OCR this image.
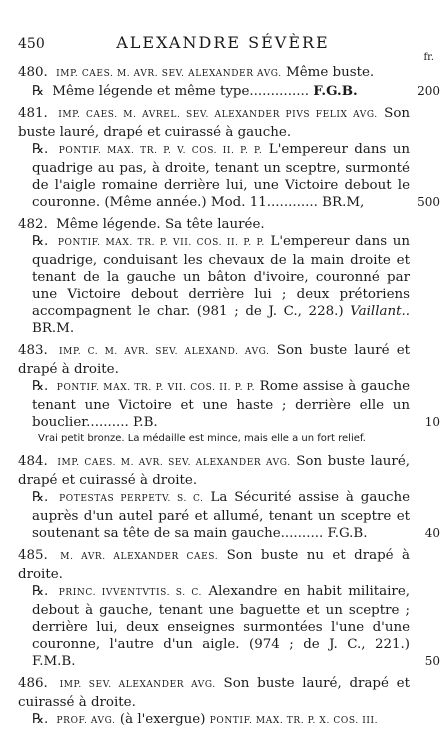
450	ALEXANDRE SÉVÈRE
fr.
480. IMP. CAES. M. AVR. SEV. ALEXANDER AVG. Même buste.
℞ Même légende et même type.............. F.G.B.	200
481. IMP. CAES. M. AVREL. SEV. ALEXANDER PIVS FELIX AVG. Son buste lauré, drapé et cuirassé à gauche.
℞. PONTIF. MAX. TR. P. V. COS. II. P. P. L'empereur dans un quadrige au pas, à droite, tenant un sceptre, surmonté de l'aigle romaine derrière lui, une Victoire debout le couronne. (Même année.) Mod. 11............ BR.M,	500
482. Même légende. Sa tête laurée.
℞. PONTIF. MAX. TR. P. VII. COS. II. P. P. L'empereur dans un quadrige, conduisant les chevaux de la main droite et tenant de la gauche un bâton d'ivoire, couronné par une Victoire debout derrière lui ; deux prétoriens accompagnent le char. (981 ; de J. C., 228.) Vaillant.. BR.M.
483. IMP. C. M. AVR. SEV. ALEXAND. AVG. Son buste lauré et drapé à droite.
℞. PONTIF. MAX. TR. P. VII. COS. II. P. P. Rome assise à gauche tenant une Victoire et une haste ; derrière elle un bouclier.......... P.B.	10
Vrai petit bronze. La médaille est mince, mais elle a un fort relief.
484. IMP. CAES. M. AVR. SEV. ALEXANDER AVG. Son buste lauré, drapé et cuirassé à droite.
℞. POTESTAS PERPETV. S. C. La Sécurité assise à gauche auprès d'un autel paré et allumé, tenant un sceptre et soutenant sa tête de sa main gauche.......... F.G.B.	40
485. M. AVR. ALEXANDER CAES. Son buste nu et drapé à droite.
℞. PRINC. IVVENTVTIS. S. C. Alexandre en habit militaire, debout à gauche, tenant une baguette et un sceptre ; derrière lui, deux enseignes surmontées l'une d'une couronne, l'autre d'un aigle. (974 ; de J. C., 221.) F.M.B.	50
486. IMP. SEV. ALEXANDER AVG. Son buste lauré, drapé et cuirassé à droite.
℞. PROF. AVG. (à l'exergue) PONTIF. MAX. TR. P. X. COS. III.
